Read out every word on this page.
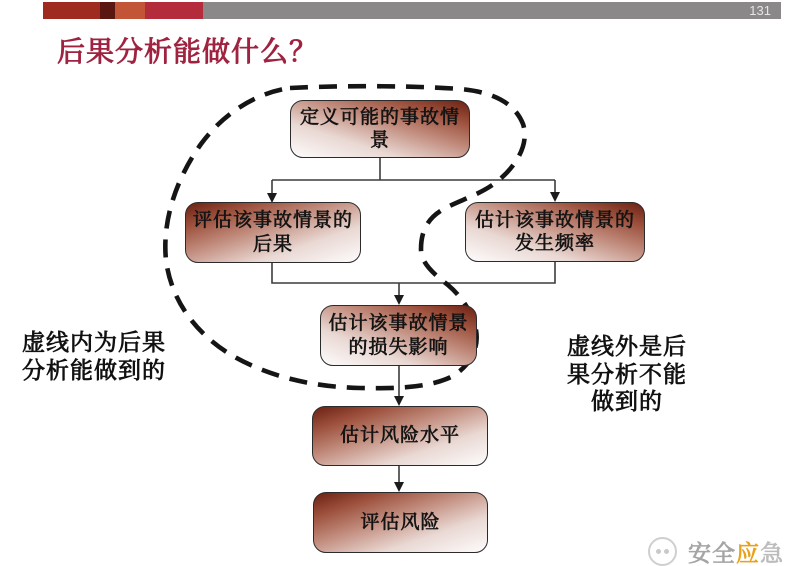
131
后果分析能做什么？
定义可能的事故情
景
评估该事故情景的
后果
估计该事故情景的
发生频率
估计该事故情景
的损失影响
估计风险水平
评估风险
虚线内为后果
分析能做到的
虚线外是后
果分析不能
做到的
安全应急
